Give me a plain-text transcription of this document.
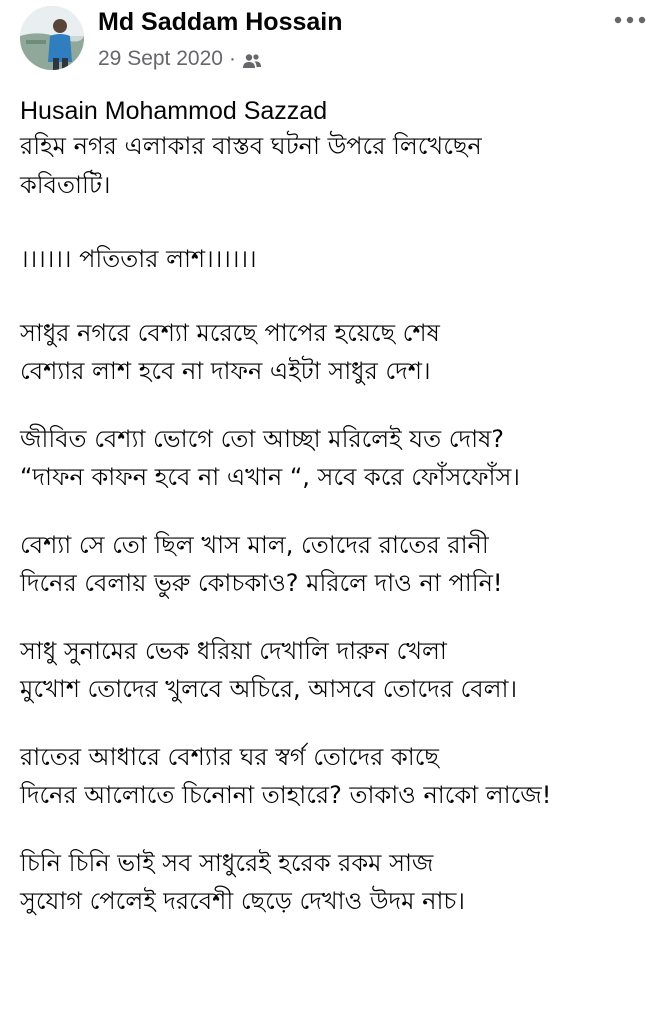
Md Saddam Hossain
29 Sept 2020 ·
Husain Mohammod Sazzad
রহিম নগর এলাকার বাস্তব ঘটনা উপরে লিখেছেন
কবিতাটি।
।।।।।। পতিতার লাশ।।।।।।
সাধুর নগরে বেশ্যা মরেছে পাপের হয়েছে শেষ
বেশ্যার লাশ হবে না দাফন এইটা সাধুর দেশ।
জীবিত বেশ্যা ভোগে তো আচ্ছা মরিলেই যত দোষ?
“দাফন কাফন হবে না এখান “, সবে করে ফোঁসফোঁস।
বেশ্যা সে তো ছিল খাস মাল, তোদের রাতের রানী
দিনের বেলায় ভুরু কোচকাও? মরিলে দাও না পানি!
সাধু সুনামের ভেক ধরিয়া দেখালি দারুন খেলা
মুখোশ তোদের খুলবে অচিরে, আসবে তোদের বেলা।
রাতের আধারে বেশ্যার ঘর স্বর্গ তোদের কাছে
দিনের আলোতে চিনোনা তাহারে? তাকাও নাকো লাজে!
চিনি চিনি ভাই সব সাধুরেই হরেক রকম সাজ
সুযোগ পেলেই দরবেশী ছেড়ে দেখাও উদম নাচ।
